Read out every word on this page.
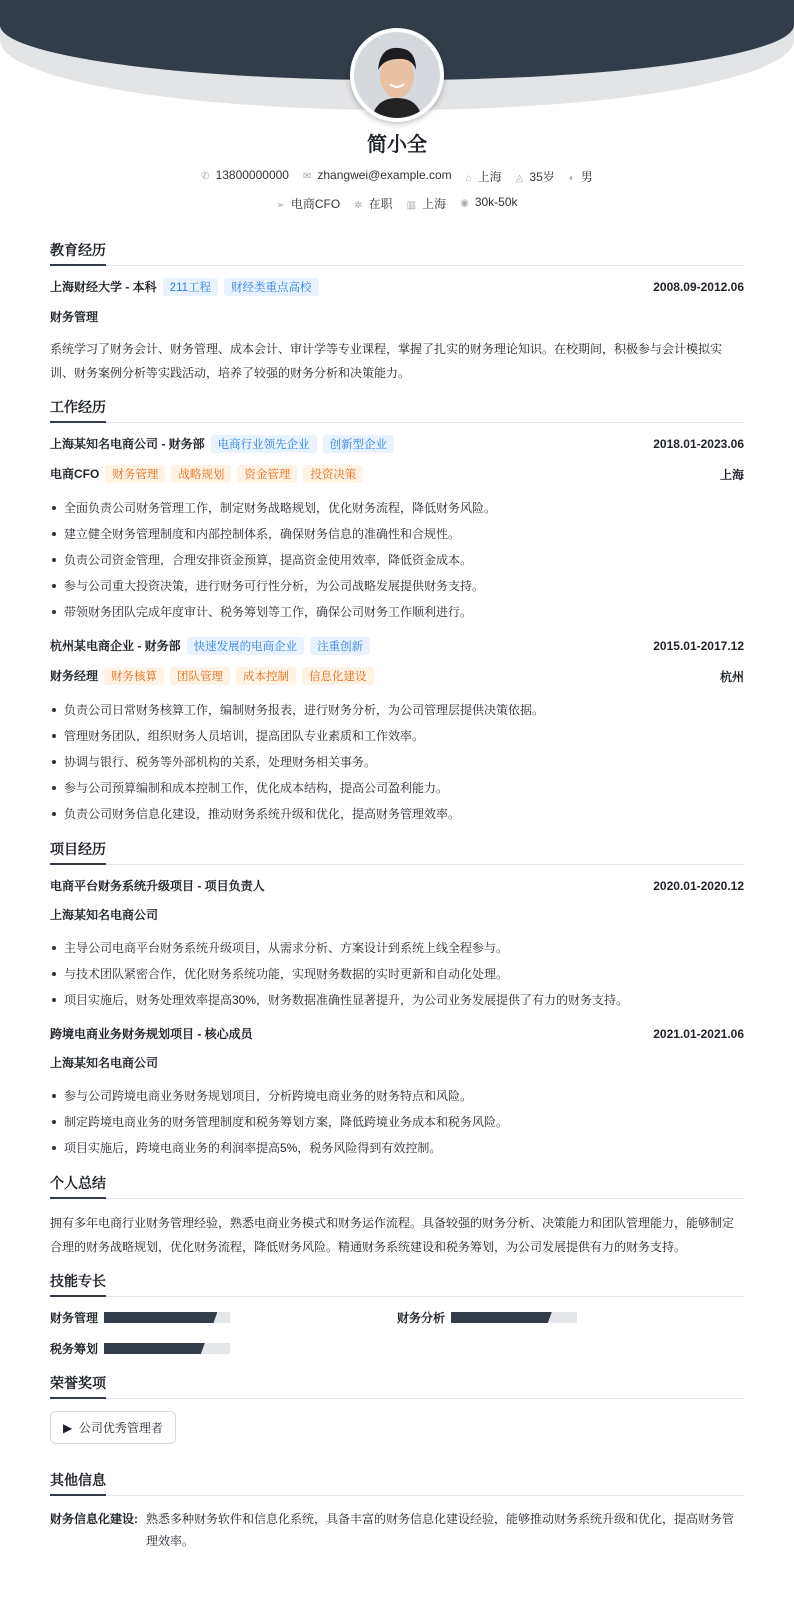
简小全
✆ 13800000000 ✉ zhangwei@example.com ⌂ 上海 ◬ 35岁 ◐ 男
➢ 电商CFO ✲ 在职 ▥ 上海 ◉ 30k-50k
教育经历
上海财经大学 - 本科 211工程 财经类重点高校	2008.09-2012.06
财务管理

系统学习了财务会计、财务管理、成本会计、审计学等专业课程，掌握了扎实的财务理论知识。在校期间，积极参与会计模拟实训、财务案例分析等实践活动，培养了较强的财务分析和决策能力。

工作经历
上海某知名电商公司 - 财务部 电商行业领先企业 创新型企业	2018.01-2023.06
电商CFO 财务管理 战略规划 资金管理 投资决策	上海
全面负责公司财务管理工作，制定财务战略规划，优化财务流程，降低财务风险。
建立健全财务管理制度和内部控制体系，确保财务信息的准确性和合规性。
负责公司资金管理，合理安排资金预算，提高资金使用效率，降低资金成本。
参与公司重大投资决策，进行财务可行性分析，为公司战略发展提供财务支持。
带领财务团队完成年度审计、税务筹划等工作，确保公司财务工作顺利进行。
杭州某电商企业 - 财务部 快速发展的电商企业 注重创新	2015.01-2017.12
财务经理 财务核算 团队管理 成本控制 信息化建设	杭州
负责公司日常财务核算工作，编制财务报表，进行财务分析，为公司管理层提供决策依据。
管理财务团队，组织财务人员培训，提高团队专业素质和工作效率。
协调与银行、税务等外部机构的关系，处理财务相关事务。
参与公司预算编制和成本控制工作，优化成本结构，提高公司盈利能力。
负责公司财务信息化建设，推动财务系统升级和优化，提高财务管理效率。
项目经历
电商平台财务系统升级项目 - 项目负责人	2020.01-2020.12
上海某知名电商公司
主导公司电商平台财务系统升级项目，从需求分析、方案设计到系统上线全程参与。
与技术团队紧密合作，优化财务系统功能，实现财务数据的实时更新和自动化处理。
项目实施后，财务处理效率提高30%，财务数据准确性显著提升，为公司业务发展提供了有力的财务支持。
跨境电商业务财务规划项目 - 核心成员	2021.01-2021.06
上海某知名电商公司
参与公司跨境电商业务财务规划项目，分析跨境电商业务的财务特点和风险。
制定跨境电商业务的财务管理制度和税务筹划方案，降低跨境业务成本和税务风险。
项目实施后，跨境电商业务的利润率提高5%，税务风险得到有效控制。
个人总结

拥有多年电商行业财务管理经验，熟悉电商业务模式和财务运作流程。具备较强的财务分析、决策能力和团队管理能力，能够制定合理的财务战略规划，优化财务流程，降低财务风险。精通财务系统建设和税务筹划，为公司发展提供有力的财务支持。

技能专长
财务管理	财务分析
税务筹划
荣誉奖项
▶ 公司优秀管理者
其他信息
财务信息化建设: 熟悉多种财务软件和信息化系统，具备丰富的财务信息化建设经验，能够推动财务系统升级和优化，提高财务管理效率。
